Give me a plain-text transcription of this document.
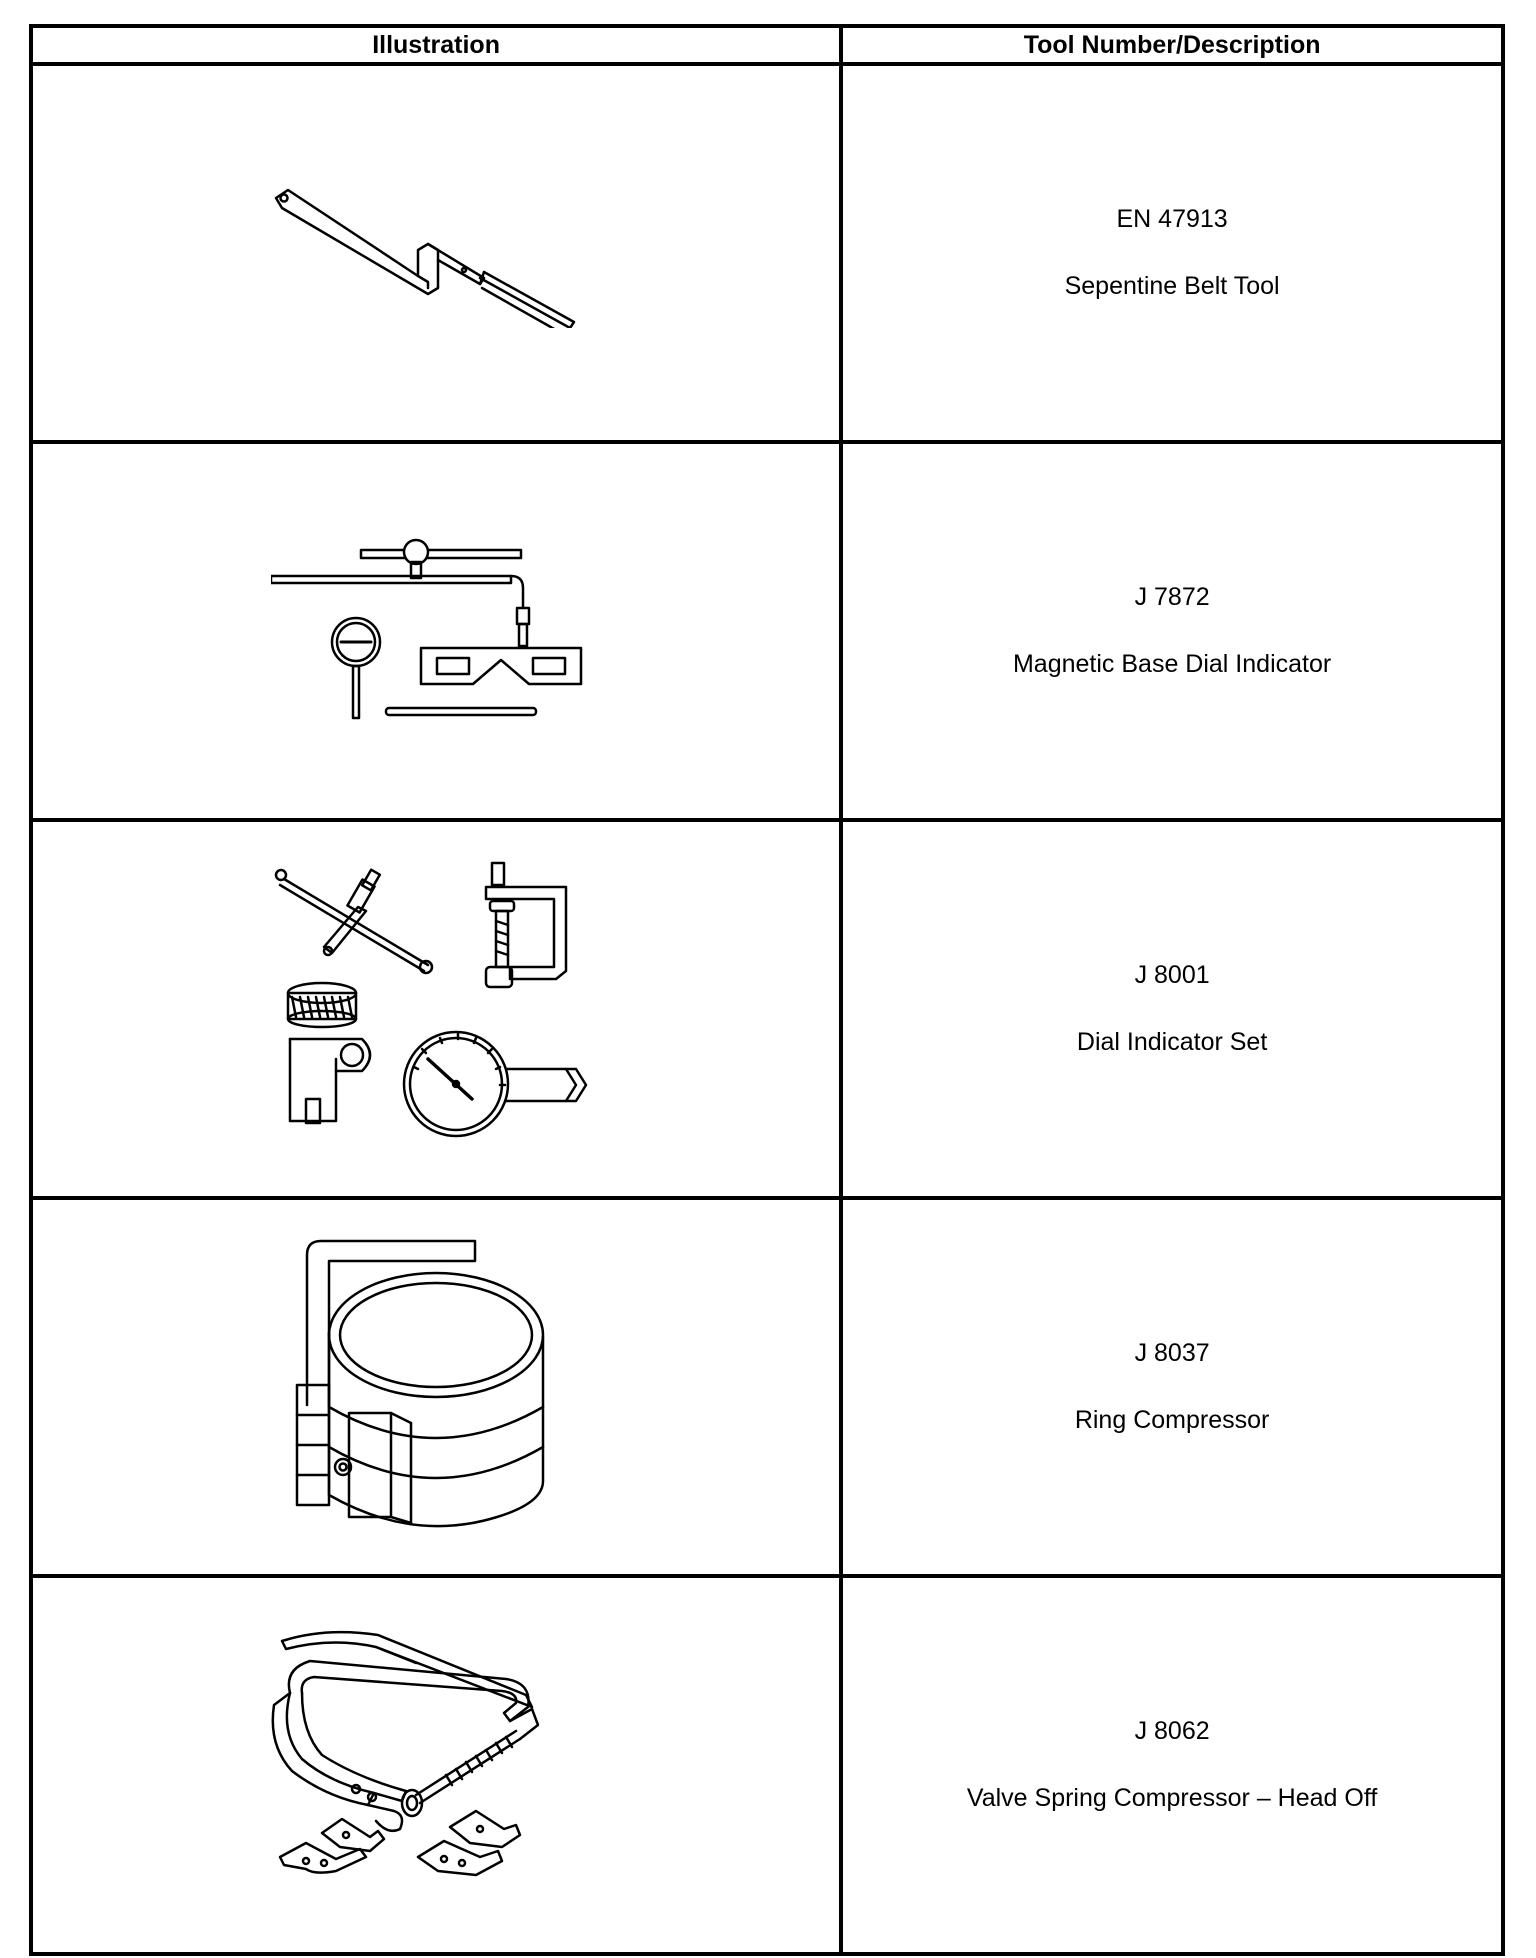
Illustration	Tool Number/Description

EN 47913
Sepentine Belt Tool

J 7872
Magnetic Base Dial Indicator

J 8001
Dial Indicator Set

J 8037
Ring Compressor

J 8062
Valve Spring Compressor – Head Off
